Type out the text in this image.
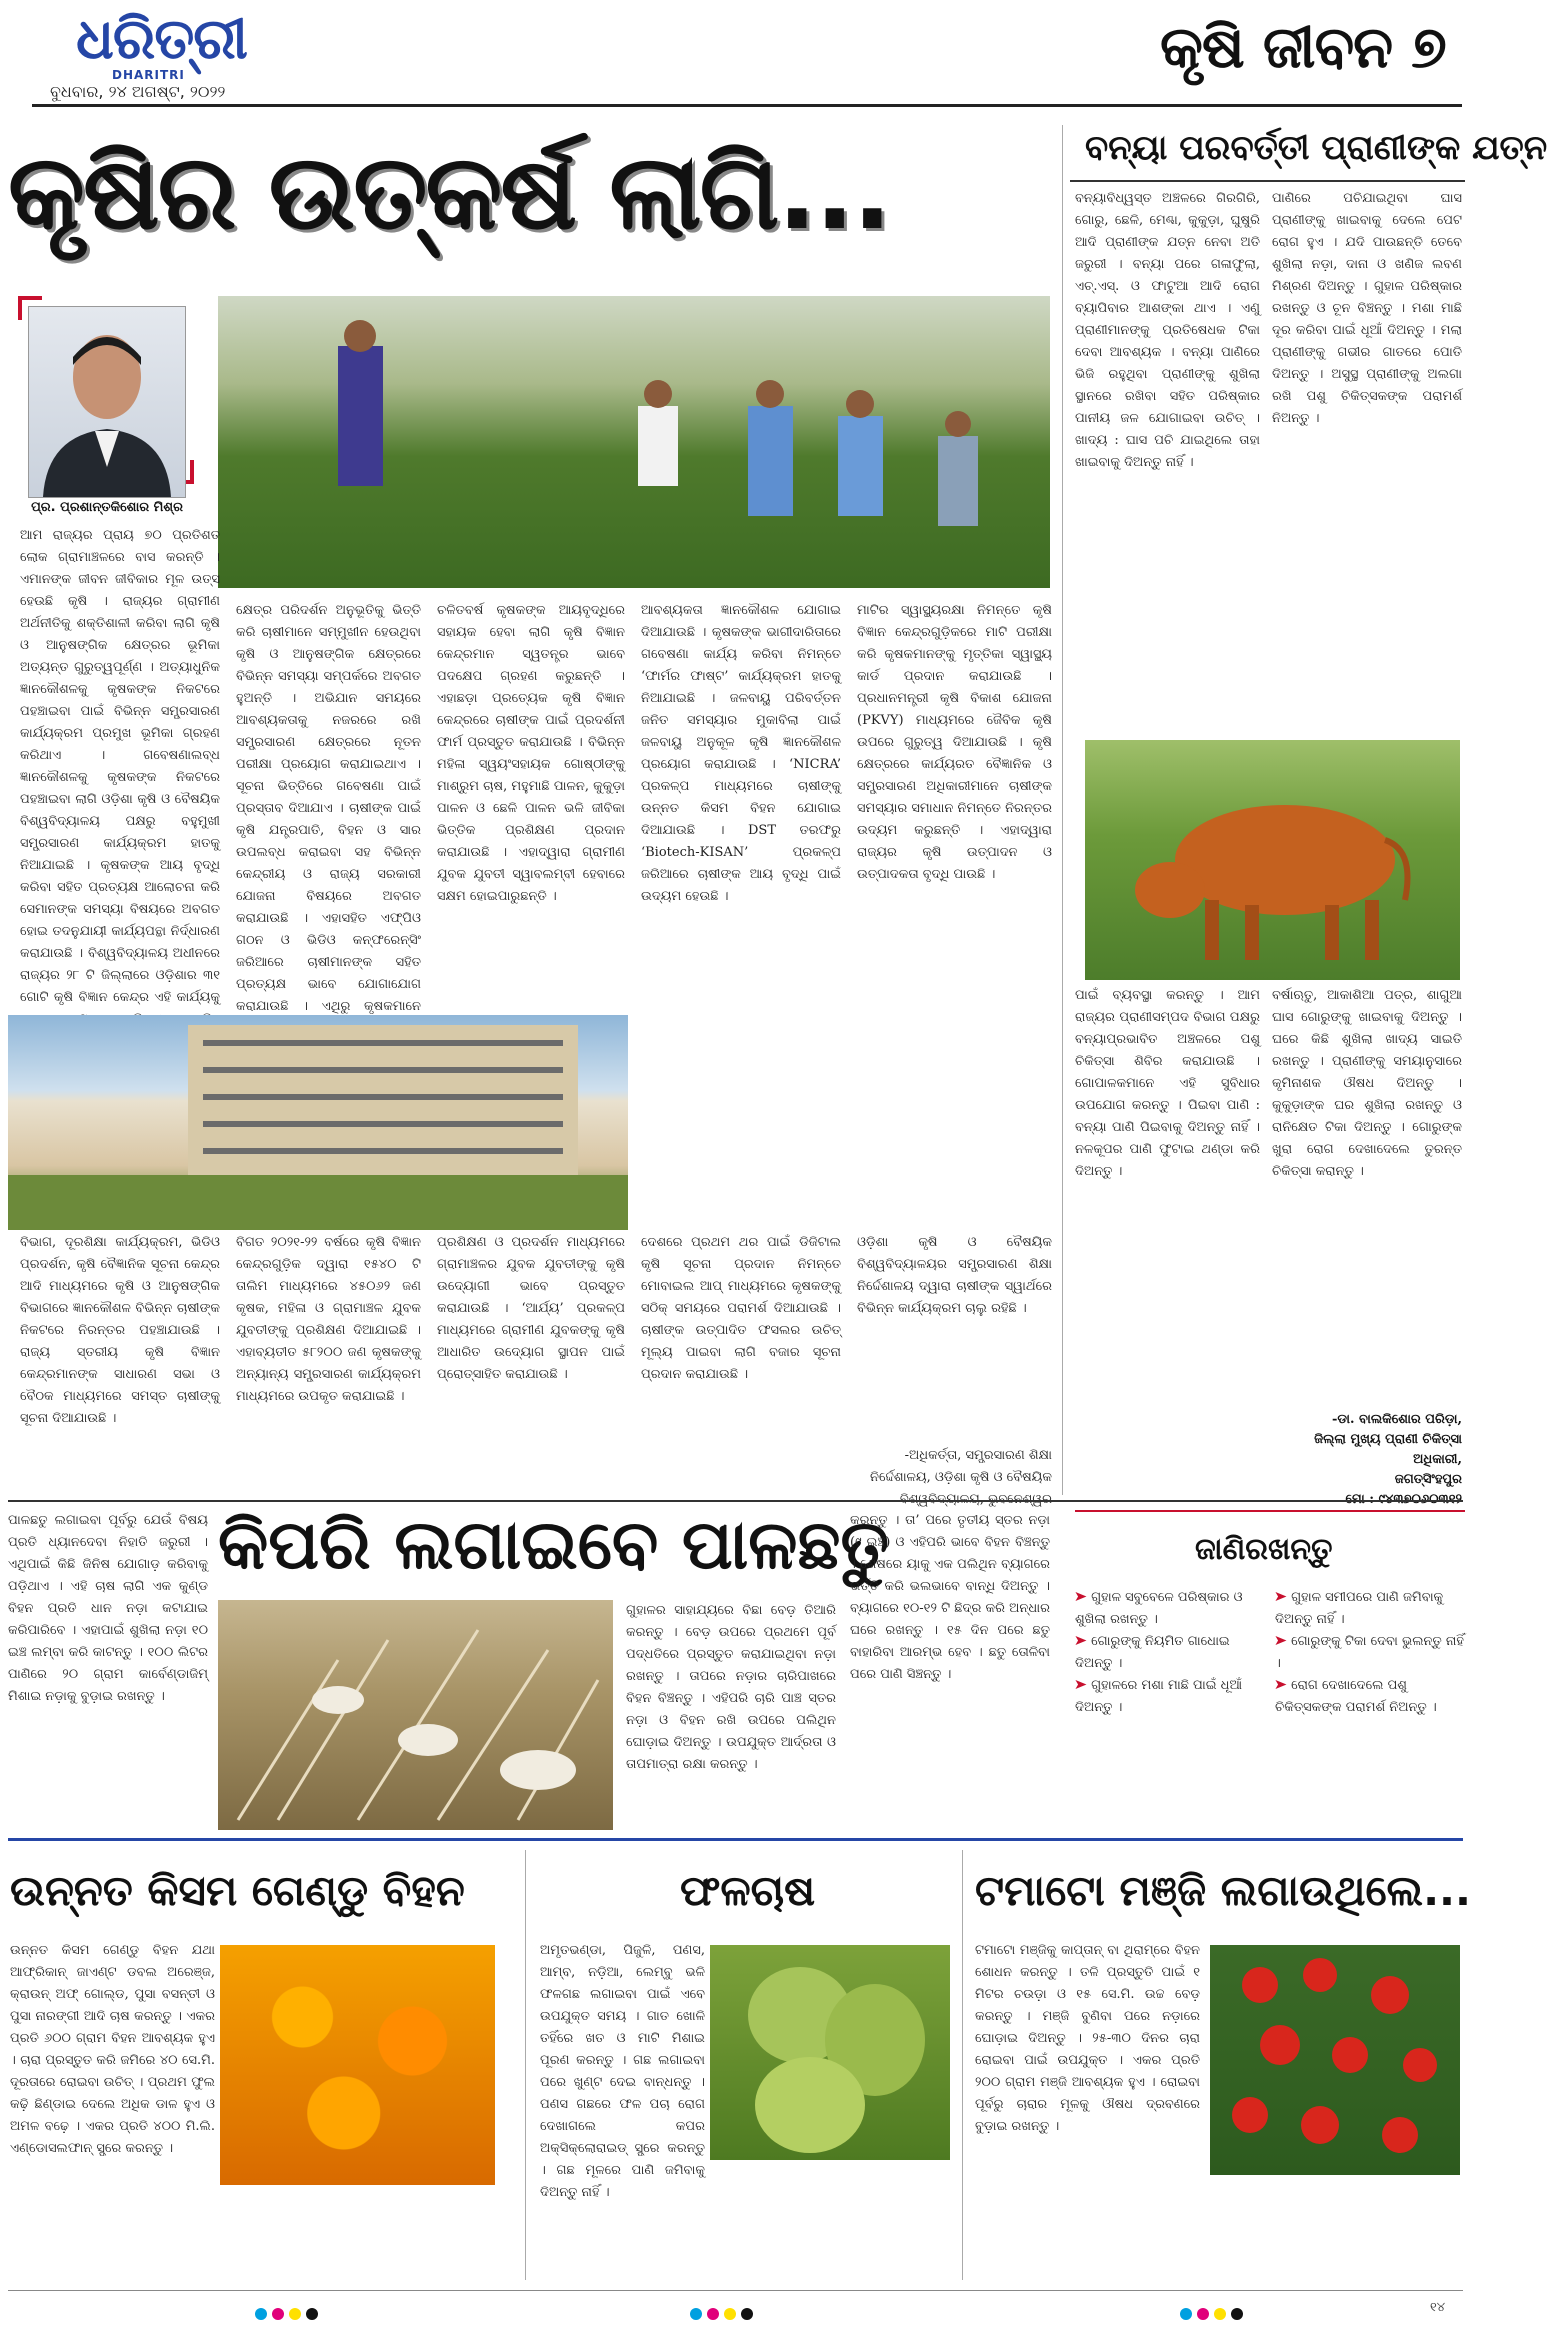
ଧରିତ୍ରୀ
DHARITRI
ବୁଧବାର, ୨୪ ଅଗଷ୍ଟ, ୨୦୨୨
କୃଷି ଜୀବନ ୭
କୃଷିର ଉତ୍କର୍ଷ ଲାଗି...	ବନ୍ୟା ପରବର୍ତ୍ତୀ ପ୍ରାଣୀଙ୍କ ଯତ୍ନ
ବନ୍ୟାବିଧ୍ୱସ୍ତ ଅଞ୍ଚଳରେ ଗିରଗିରି, ଗୋରୁ, ଛେଳି, ମେଣ୍ଢା, କୁକୁଡ଼ା, ଘୁଷୁରି ଆଦି ପ୍ରାଣୀଙ୍କ ଯତ୍ନ ନେବା ଅତି ଜରୁରୀ । ବନ୍ୟା ପରେ ଗଳାଫୁଲା, ଏଚ୍.ଏସ୍. ଓ ଫାଟୁଆ ଆଦି ରୋଗ ବ୍ୟାପିବାର ଆଶଙ୍କା ଥାଏ । ଏଣୁ ପ୍ରାଣୀମାନଙ୍କୁ ପ୍ରତିଷେଧକ ଟିକା ଦେବା ଆବଶ୍ୟକ । ବନ୍ୟା ପାଣିରେ ଭିଜି ରହୁଥିବା ପ୍ରାଣୀଙ୍କୁ ଶୁଖିଲା ସ୍ଥାନରେ ରଖିବା ସହିତ ପରିଷ୍କାର ପାନୀୟ ଜଳ ଯୋଗାଇବା ଉଚିତ୍ । ଖାଦ୍ୟ : ଘାସ ପଚି ଯାଇଥିଲେ ତାହା ଖାଇବାକୁ ଦିଅନ୍ତୁ ନାହିଁ ।
ପାଣିରେ ପଚିଯାଇଥିବା ଘାସ ପ୍ରାଣୀଙ୍କୁ ଖାଇବାକୁ ଦେଲେ ପେଟ ରୋଗ ହୁଏ । ଯଦି ପାଉଛନ୍ତି ତେବେ ଶୁଖିଲା ନଡ଼ା, ଦାନା ଓ ଖଣିଜ ଲବଣ ମିଶ୍ରଣ ଦିଅନ୍ତୁ । ଗୁହାଳ ପରିଷ୍କାର ରଖନ୍ତୁ ଓ ଚୂନ ବିଞ୍ଚନ୍ତୁ । ମଶା ମାଛି ଦୂର କରିବା ପାଇଁ ଧୂଆଁ ଦିଅନ୍ତୁ । ମଲା ପ୍ରାଣୀଙ୍କୁ ଗଭୀର ଗାତରେ ପୋତି ଦିଅନ୍ତୁ । ଅସୁସ୍ଥ ପ୍ରାଣୀଙ୍କୁ ଅଲଗା ରଖି ପଶୁ ଚିକିତ୍ସକଙ୍କ ପରାମର୍ଶ ନିଅନ୍ତୁ ।
ପାଇଁ ବ୍ୟବସ୍ଥା କରନ୍ତୁ । ଆମ ରାଜ୍ୟର ପ୍ରାଣୀସମ୍ପଦ ବିଭାଗ ପକ୍ଷରୁ ବନ୍ୟାପ୍ରଭାବିତ ଅଞ୍ଚଳରେ ପଶୁ ଚିକିତ୍ସା ଶିବିର କରାଯାଉଛି । ଗୋପାଳକମାନେ ଏହି ସୁବିଧାର ଉପଯୋଗ କରନ୍ତୁ । ପିଇବା ପାଣି : ବନ୍ୟା ପାଣି ପିଇବାକୁ ଦିଅନ୍ତୁ ନାହିଁ । ନଳକୂପର ପାଣି ଫୁଟାଇ ଥଣ୍ଡା କରି ଦିଅନ୍ତୁ ।
ବର୍ଷାଋତୁ, ଆକାଶିଆ ପତ୍ର, ଶାଗୁଆ ଘାସ ଗୋରୁଙ୍କୁ ଖାଇବାକୁ ଦିଅନ୍ତୁ । ଘରେ କିଛି ଶୁଖିଲା ଖାଦ୍ୟ ସାଇତି ରଖନ୍ତୁ । ପ୍ରାଣୀଙ୍କୁ ସମୟାନୁସାରେ କୃମିନାଶକ ଔଷଧ ଦିଅନ୍ତୁ । କୁକୁଡ଼ାଙ୍କ ଘର ଶୁଖିଲା ରଖନ୍ତୁ ଓ ରାନିକ୍ଷେତ ଟିକା ଦିଅନ୍ତୁ । ଗୋରୁଙ୍କ ଖୁରା ରୋଗ ଦେଖାଦେଲେ ତୁରନ୍ତ ଚିକିତ୍ସା କରାନ୍ତୁ ।
-ଡା. ବାଲକିଶୋର ପରିଡ଼ା,
ଜିଲ୍ଲା ମୁଖ୍ୟ ପ୍ରାଣୀ ଚିକିତ୍ସା ଅଧିକାରୀ,
ଜଗତ୍‌ସିଂହପୁର
ପ୍ର. ପ୍ରଶାନ୍ତକିଶୋର ମିଶ୍ର
ଆମ ରାଜ୍ୟର ପ୍ରାୟ ୭୦ ପ୍ରତିଶତ ଲୋକ ଗ୍ରାମାଞ୍ଚଳରେ ବାସ କରନ୍ତି । ଏମାନଙ୍କ ଜୀବନ ଜୀବିକାର ମୂଳ ଉତ୍ସ ହେଉଛି କୃଷି । ରାଜ୍ୟର ଗ୍ରାମୀଣ ଅର୍ଥନୀତିକୁ ଶକ୍ତିଶାଳୀ କରିବା ଲାଗି କୃଷି ଓ ଆନୁଷଙ୍ଗିକ କ୍ଷେତ୍ରର ଭୂମିକା ଅତ୍ୟନ୍ତ ଗୁରୁତ୍ୱପୂର୍ଣ୍ଣ । ଅତ୍ୟାଧୁନିକ ଜ୍ଞାନକୌଶଳକୁ କୃଷକଙ୍କ ନିକଟରେ ପହଞ୍ଚାଇବା ପାଇଁ ବିଭିନ୍ନ ସମ୍ପ୍ରସାରଣ କାର୍ଯ୍ୟକ୍ରମ ପ୍ରମୁଖ ଭୂମିକା ଗ୍ରହଣ କରିଥାଏ । ଗବେଷଣାଲବ୍ଧ ଜ୍ଞାନକୌଶଳକୁ କୃଷକଙ୍କ ନିକଟରେ ପହଞ୍ଚାଇବା ଲାଗି ଓଡ଼ିଶା କୃଷି ଓ ବୈଷୟିକ ବିଶ୍ୱବିଦ୍ୟାଳୟ ପକ୍ଷରୁ ବହୁମୁଖୀ ସମ୍ପ୍ରସାରଣ କାର୍ଯ୍ୟକ୍ରମ ହାତକୁ ନିଆଯାଇଛି । କୃଷକଙ୍କ ଆୟ ବୃଦ୍ଧି କରିବା ସହିତ ପ୍ରତ୍ୟକ୍ଷ ଆଲୋଚନା କରି ସେମାନଙ୍କ ସମସ୍ୟା ବିଷୟରେ ଅବଗତ ହୋଇ ତଦନୁଯାୟୀ କାର୍ଯ୍ୟପନ୍ଥା ନିର୍ଦ୍ଧାରଣ କରାଯାଉଛି । ବିଶ୍ୱବିଦ୍ୟାଳୟ ଅଧୀନରେ ରାଜ୍ୟର ୨୮ ଟି ଜିଲ୍ଲାରେ ଓଡ଼ିଶାର ୩୧ ଗୋଟି କୃଷି ବିଜ୍ଞାନ କେନ୍ଦ୍ର ଏହି କାର୍ଯ୍ୟକୁ
କ୍ଷେତ୍ର ପରିଦର୍ଶନ ଅନୁଭୂତିକୁ ଭିତ୍ତି କରି ଚାଷୀମାନେ ସମ୍ମୁଖୀନ ହେଉଥିବା କୃଷି ଓ ଆନୁଷଙ୍ଗିକ କ୍ଷେତ୍ରରେ ବିଭିନ୍ନ ସମସ୍ୟା ସମ୍ପର୍କରେ ଅବଗତ ହୁଅନ୍ତି । ଅଭିଯାନ ସମୟରେ ଆବଶ୍ୟକତାକୁ ନଜରରେ ରଖି ସମ୍ପ୍ରସାରଣ କ୍ଷେତ୍ରରେ ନୂତନ ପରୀକ୍ଷା ପ୍ରୟୋଗ କରାଯାଇଥାଏ । ସୂଚନା ଭିତ୍ତିରେ ଗବେଷଣା ପାଇଁ ପ୍ରସ୍ତାବ ଦିଆଯାଏ । ଚାଷୀଙ୍କ ପାଇଁ କୃଷି ଯନ୍ତ୍ରପାତି, ବିହନ ଓ ସାର ଉପଲବ୍ଧ କରାଇବା ସହ ବିଭିନ୍ନ କେନ୍ଦ୍ରୀୟ ଓ ରାଜ୍ୟ ସରକାରୀ ଯୋଜନା ବିଷୟରେ ଅବଗତ କରାଯାଉଛି । ଏହାସହିତ ଏଫ୍‌ପିଓ ଗଠନ ଓ ଭିଡିଓ କନ୍‌ଫରେନ୍ସିଂ ଜରିଆରେ ଚାଷୀମାନଙ୍କ ସହିତ ପ୍ରତ୍ୟକ୍ଷ ଭାବେ ଯୋଗାଯୋଗ କରାଯାଉଛି । ଏଥିରୁ କୃଷକମାନେ
ଚଳିତବର୍ଷ କୃଷକଙ୍କ ଆୟବୃଦ୍ଧିରେ ସହାୟକ ହେବା ଲାଗି କୃଷି ବିଜ୍ଞାନ କେନ୍ଦ୍ରମାନ ସ୍ୱତନ୍ତ୍ର ଭାବେ ପଦକ୍ଷେପ ଗ୍ରହଣ କରୁଛନ୍ତି । ଏହାଛଡ଼ା ପ୍ରତ୍ୟେକ କୃଷି ବିଜ୍ଞାନ କେନ୍ଦ୍ରରେ ଚାଷୀଙ୍କ ପାଇଁ ପ୍ରଦର୍ଶନୀ ଫାର୍ମ ପ୍ରସ୍ତୁତ କରାଯାଉଛି । ବିଭିନ୍ନ ମହିଳା ସ୍ୱୟଂସହାୟକ ଗୋଷ୍ଠୀଙ୍କୁ ମାଶ୍ରୁମ ଚାଷ, ମହୁମାଛି ପାଳନ, କୁକୁଡ଼ା ପାଳନ ଓ ଛେଳି ପାଳନ ଭଳି ଜୀବିକା ଭିତ୍ତିକ ପ୍ରଶିକ୍ଷଣ ପ୍ରଦାନ କରାଯାଉଛି । ଏହାଦ୍ୱାରା ଗ୍ରାମୀଣ ଯୁବକ ଯୁବତୀ ସ୍ୱାବଲମ୍ବୀ ହେବାରେ ସକ୍ଷମ ହୋଇପାରୁଛନ୍ତି ।
ଆବଶ୍ୟକତା ଜ୍ଞାନକୌଶଳ ଯୋଗାଇ ଦିଆଯାଉଛି । କୃଷକଙ୍କ ଭାଗୀଦାରିତାରେ ଗବେଷଣା କାର୍ଯ୍ୟ କରିବା ନିମନ୍ତେ ‘ଫାର୍ମର ଫାଷ୍ଟ’ କାର୍ଯ୍ୟକ୍ରମ ହାତକୁ ନିଆଯାଇଛି । ଜଳବାୟୁ ପରିବର୍ତ୍ତନ ଜନିତ ସମସ୍ୟାର ମୁକାବିଲା ପାଇଁ ଜଳବାୟୁ ଅନୁକୂଳ କୃଷି ଜ୍ଞାନକୌଶଳ ପ୍ରୟୋଗ କରାଯାଉଛି । ‘NICRA’ ପ୍ରକଳ୍ପ ମାଧ୍ୟମରେ ଚାଷୀଙ୍କୁ ଉନ୍ନତ କିସମ ବିହନ ଯୋଗାଇ ଦିଆଯାଉଛି । DST ତରଫରୁ ‘Biotech-KISAN’ ପ୍ରକଳ୍ପ ଜରିଆରେ ଚାଷୀଙ୍କ ଆୟ ବୃଦ୍ଧି ପାଇଁ ଉଦ୍ୟମ ହେଉଛି ।
ମାଟିର ସ୍ୱାସ୍ଥ୍ୟରକ୍ଷା ନିମନ୍ତେ କୃଷି ବିଜ୍ଞାନ କେନ୍ଦ୍ରଗୁଡ଼ିକରେ ମାଟି ପରୀକ୍ଷା କରି କୃଷକମାନଙ୍କୁ ମୃତ୍ତିକା ସ୍ୱାସ୍ଥ୍ୟ କାର୍ଡ ପ୍ରଦାନ କରାଯାଉଛି । ପ୍ରଧାନମନ୍ତ୍ରୀ କୃଷି ବିକାଶ ଯୋଜନା (PKVY) ମାଧ୍ୟମରେ ଜୈବିକ କୃଷି ଉପରେ ଗୁରୁତ୍ୱ ଦିଆଯାଉଛି । କୃଷି କ୍ଷେତ୍ରରେ କାର୍ଯ୍ୟରତ ବୈଜ୍ଞାନିକ ଓ ସମ୍ପ୍ରସାରଣ ଅଧିକାରୀମାନେ ଚାଷୀଙ୍କ ସମସ୍ୟାର ସମାଧାନ ନିମନ୍ତେ ନିରନ୍ତର ଉଦ୍ୟମ କରୁଛନ୍ତି । ଏହାଦ୍ୱାରା ରାଜ୍ୟର କୃଷି ଉତ୍ପାଦନ ଓ ଉତ୍ପାଦକତା ବୃଦ୍ଧି ପାଉଛି ।
ବିଭାଗ, ଦୂରଶିକ୍ଷା କାର୍ଯ୍ୟକ୍ରମ, ଭିଡିଓ ପ୍ରଦର୍ଶନ, କୃଷି ବୈଜ୍ଞାନିକ ସୂଚନା କେନ୍ଦ୍ର ଆଦି ମାଧ୍ୟମରେ କୃଷି ଓ ଆନୁଷଙ୍ଗିକ ବିଭାଗରେ ଜ୍ଞାନକୌଶଳ ବିଭିନ୍ନ ଚାଷୀଙ୍କ ନିକଟରେ ନିରନ୍ତର ପହଞ୍ଚାଯାଉଛି । ରାଜ୍ୟ ସ୍ତରୀୟ କୃଷି ବିଜ୍ଞାନ କେନ୍ଦ୍ରମାନଙ୍କ ସାଧାରଣ ସଭା ଓ ବୈଠକ ମାଧ୍ୟମରେ ସମସ୍ତ ଚାଷୀଙ୍କୁ ସୂଚନା ଦିଆଯାଉଛି ।
ବିଗତ ୨୦୨୧-୨୨ ବର୍ଷରେ କୃଷି ବିଜ୍ଞାନ କେନ୍ଦ୍ରଗୁଡ଼ିକ ଦ୍ୱାରା ୧୫୪୦ ଟି ତାଲିମ ମାଧ୍ୟମରେ ୪୫୦୬୨ ଜଣ କୃଷକ, ମହିଳା ଓ ଗ୍ରାମାଞ୍ଚଳ ଯୁବକ ଯୁବତୀଙ୍କୁ ପ୍ରଶିକ୍ଷଣ ଦିଆଯାଇଛି । ଏହାବ୍ୟତୀତ ୫୮୨୦୦ ଜଣ କୃଷକଙ୍କୁ ଅନ୍ୟାନ୍ୟ ସମ୍ପ୍ରସାରଣ କାର୍ଯ୍ୟକ୍ରମ ମାଧ୍ୟମରେ ଉପକୃତ କରାଯାଇଛି ।
ପ୍ରଶିକ୍ଷଣ ଓ ପ୍ରଦର୍ଶନ ମାଧ୍ୟମରେ ଗ୍ରାମାଞ୍ଚଳର ଯୁବକ ଯୁବତୀଙ୍କୁ କୃଷି ଉଦ୍ୟୋଗୀ ଭାବେ ପ୍ରସ୍ତୁତ କରାଯାଉଛି । ‘ଆର୍ଯ୍ୟ’ ପ୍ରକଳ୍ପ ମାଧ୍ୟମରେ ଗ୍ରାମୀଣ ଯୁବକଙ୍କୁ କୃଷି ଆଧାରିତ ଉଦ୍ୟୋଗ ସ୍ଥାପନ ପାଇଁ ପ୍ରୋତ୍ସାହିତ କରାଯାଉଛି ।
ଦେଶରେ ପ୍ରଥମ ଥର ପାଇଁ ଡିଜିଟାଲ କୃଷି ସୂଚନା ପ୍ରଦାନ ନିମନ୍ତେ ମୋବାଇଲ ଆପ୍ ମାଧ୍ୟମରେ କୃଷକଙ୍କୁ ସଠିକ୍ ସମୟରେ ପରାମର୍ଶ ଦିଆଯାଉଛି । ଚାଷୀଙ୍କ ଉତ୍ପାଦିତ ଫସଲର ଉଚିତ୍ ମୂଲ୍ୟ ପାଇବା ଲାଗି ବଜାର ସୂଚନା ପ୍ରଦାନ କରାଯାଉଛି ।
ଓଡ଼ିଶା କୃଷି ଓ ବୈଷୟିକ ବିଶ୍ୱବିଦ୍ୟାଳୟର ସମ୍ପ୍ରସାରଣ ଶିକ୍ଷା ନିର୍ଦ୍ଦେଶାଳୟ ଦ୍ୱାରା ଚାଷୀଙ୍କ ସ୍ୱାର୍ଥରେ ବିଭିନ୍ନ କାର୍ଯ୍ୟକ୍ରମ ଚାଲୁ ରହିଛି ।
-ଅଧିକର୍ତ୍ତା, ସମ୍ପ୍ରସାରଣ ଶିକ୍ଷା ନିର୍ଦ୍ଦେଶାଳୟ, ଓଡ଼ିଶା କୃଷି ଓ ବୈଷୟିକ
ପାଳଛତୁ ଲଗାଇବା ପୂର୍ବରୁ ଯେଉଁ ବିଷୟ ପ୍ରତି ଧ୍ୟାନଦେବା ନିହାତି ଜରୁରୀ । ଏଥିପାଇଁ କିଛି ଜିନିଷ ଯୋଗାଡ଼ କରିବାକୁ ପଡ଼ିଥାଏ । ଏହି ଚାଷ ଲାଗି ଏକ କୁଣ୍ଡ ବିହନ ପ୍ରତି ଧାନ ନଡ଼ା କଟାଯାଇ କରିପାରିବେ । ଏହାପାଇଁ ଶୁଖିଲା ନଡ଼ା ୧୦ ଇଞ୍ଚ ଲମ୍ବା କରି କାଟନ୍ତୁ । ୧୦୦ ଲିଟର ପାଣିରେ ୨୦ ଗ୍ରାମ କାର୍ବେଣ୍ଡାଜିମ୍ ମିଶାଇ ନଡ଼ାକୁ ବୁଡ଼ାଇ ରଖନ୍ତୁ ।
କିପରି ଲଗାଇବେ ପାଳଛତୁ
ଗୁହାଳର ସାହାଯ୍ୟରେ ବିଛା ବେଡ଼ ତିଆରି କରନ୍ତୁ । ବେଡ଼ ଉପରେ ପ୍ରଥମେ ପୂର୍ବ ପଦ୍ଧତିରେ ପ୍ରସ୍ତୁତ କରାଯାଇଥିବା ନଡ଼ା ରଖନ୍ତୁ । ତାପରେ ନଡ଼ାର ଚାରିପାଖରେ ବିହନ ବିଞ୍ଚନ୍ତୁ । ଏହିପରି ଚାରି ପାଞ୍ଚ ସ୍ତର ନଡ଼ା ଓ ବିହନ ରଖି ଉପରେ ପଲିଥିନ ଘୋଡ଼ାଇ ଦିଅନ୍ତୁ । ଉପଯୁକ୍ତ ଆର୍ଦ୍ରତା ଓ ତାପମାତ୍ରା ରକ୍ଷା କରନ୍ତୁ ।
କରନ୍ତୁ । ତା’ ପରେ ତୃତୀୟ ସ୍ତର ନଡ଼ା (୯ ଇଞ୍ଚ) ଓ ଏହିପରି ଭାବେ ବିହନ ବିଞ୍ଚନ୍ତୁ । ଶେଷରେ ୟାକୁ ଏକ ପଲିଥିନ ବ୍ୟାଗରେ ଭର୍ତ୍ତି କରି ଭଲଭାବେ ବାନ୍ଧି ଦିଅନ୍ତୁ । ବ୍ୟାଗରେ ୧୦-୧୨ ଟି ଛିଦ୍ର କରି ଅନ୍ଧାର ଘରେ ରଖନ୍ତୁ । ୧୫ ଦିନ ପରେ ଛତୁ ବାହାରିବା ଆରମ୍ଭ ହେବ । ଛତୁ ତୋଳିବା ପରେ ପାଣି ସିଞ୍ଚନ୍ତୁ ।
ଜାଣିରଖନ୍ତୁ
➤ ଗୁହାଳ ସବୁବେଳେ ପରିଷ୍କାର ଓ ଶୁଖିଲା ରଖନ୍ତୁ ।
➤ ଗୋରୁଙ୍କୁ ନିୟମିତ ଗାଧୋଇ ଦିଅନ୍ତୁ ।
➤ ଗୁହାଳରେ ମଶା ମାଛି ପାଇଁ ଧୂଆଁ ଦିଅନ୍ତୁ ।
➤ ଗୁହାଳ ସମୀପରେ ପାଣି ଜମିବାକୁ ଦିଅନ୍ତୁ ନାହିଁ ।
➤ ଗୋରୁଙ୍କୁ ଟିକା ଦେବା ଭୁଲନ୍ତୁ ନାହିଁ ।
➤ ରୋଗ ଦେଖାଦେଲେ ପଶୁ ଚିକିତ୍ସକଙ୍କ ପରାମର୍ଶ ନିଅନ୍ତୁ ।
ଉନ୍ନତ କିସମ ଗେଣ୍ଡୁ ବିହନ
ଉନ୍ନତ କିସମ ଗେଣ୍ଡୁ ବିହନ ଯଥା ଆଫ୍ରିକାନ୍ ଜାଏଣ୍ଟ ଡବଲ ଅରେଞ୍ଜ, କ୍ରାଉନ୍ ଅଫ୍ ଗୋଲ୍ଡ, ପୁସା ବସନ୍ତୀ ଓ ପୁସା ନାରଙ୍ଗୀ ଆଦି ଚାଷ କରନ୍ତୁ । ଏକର ପ୍ରତି ୬୦୦ ଗ୍ରାମ ବିହନ ଆବଶ୍ୟକ ହୁଏ । ଚାରା ପ୍ରସ୍ତୁତ କରି ଜମିରେ ୪୦ ସେ.ମି. ଦୂରତାରେ ରୋଇବା ଉଚିତ୍ । ପ୍ରଥମ ଫୁଲ କଢ଼ି ଛିଣ୍ଡାଇ ଦେଲେ ଅଧିକ ଡାଳ ହୁଏ ଓ ଅମଳ ବଢ଼େ । ଏକର ପ୍ରତି ୪୦୦ ମି.ଲି. ଏଣ୍ଡୋସଲଫାନ୍ ସ୍ପ୍ରେ କରନ୍ତୁ ।
ଫଳଚାଷ
ଅମୃତଭଣ୍ଡା, ପିଜୁଳି, ପଣସ, ଆମ୍ବ, ନଡ଼ିଆ, ଲେମ୍ବୁ ଭଳି ଫଳଗଛ ଲଗାଇବା ପାଇଁ ଏବେ ଉପଯୁକ୍ତ ସମୟ । ଗାତ ଖୋଳି ତହିଁରେ ଖତ ଓ ମାଟି ମିଶାଇ ପୂରଣ କରନ୍ତୁ । ଗଛ ଲଗାଇବା ପରେ ଖୁଣ୍ଟ ଦେଇ ବାନ୍ଧନ୍ତୁ । ପଣସ ଗଛରେ ଫଳ ପଚା ରୋଗ ଦେଖାଗଲେ କପର ଅକ୍ସିକ୍ଲୋରାଇଡ୍ ସ୍ପ୍ରେ କରନ୍ତୁ । ଗଛ ମୂଳରେ ପାଣି ଜମିବାକୁ ଦିଅନ୍ତୁ ନାହିଁ ।
ଟମାଟୋ ମଞ୍ଜି ଲଗାଉଥିଲେ...
ଟମାଟୋ ମଞ୍ଜିକୁ କାପ୍ତାନ୍ ବା ଥିରାମ୍‌ରେ ବିହନ ଶୋଧନ କରନ୍ତୁ । ତଳି ପ୍ରସ୍ତୁତି ପାଇଁ ୧ ମିଟର ଚଉଡ଼ା ଓ ୧୫ ସେ.ମି. ଉଚ୍ଚ ବେଡ଼ କରନ୍ତୁ । ମଞ୍ଜି ବୁଣିବା ପରେ ନଡ଼ାରେ ଘୋଡ଼ାଇ ଦିଅନ୍ତୁ । ୨୫-୩୦ ଦିନର ଚାରା ରୋଇବା ପାଇଁ ଉପଯୁକ୍ତ । ଏକର ପ୍ରତି ୨୦୦ ଗ୍ରାମ ମଞ୍ଜି ଆବଶ୍ୟକ ହୁଏ । ରୋଇବା ପୂର୍ବରୁ ଚାରାର ମୂଳକୁ ଔଷଧ ଦ୍ରବଣରେ ବୁଡ଼ାଇ ରଖନ୍ତୁ ।
୧୪
